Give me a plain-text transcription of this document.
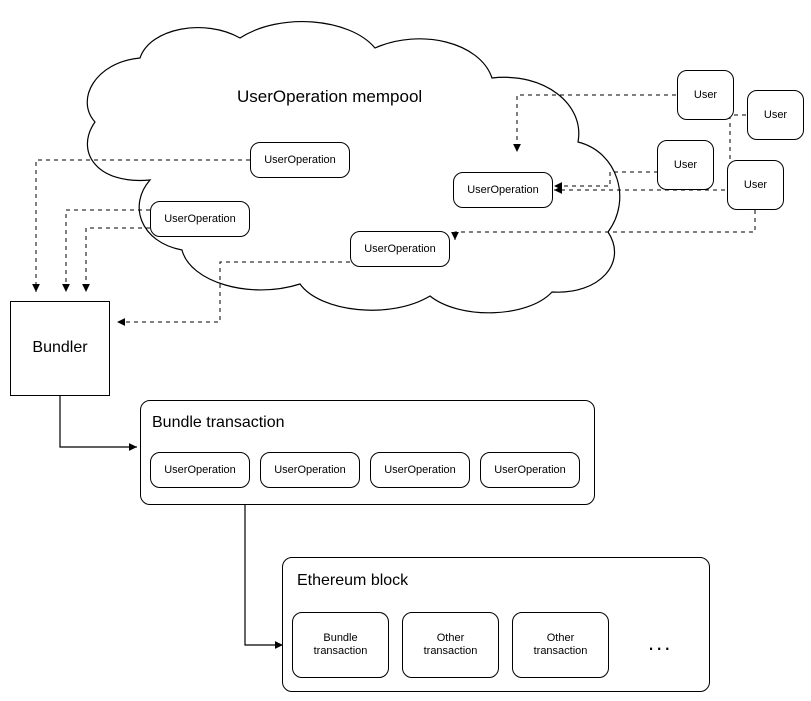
UserOperation mempool
UserOperation
UserOperation
UserOperation
UserOperation
User
User
User
User
Bundler
Bundle transaction
UserOperation	UserOperation	UserOperation	UserOperation
Ethereum block
Bundle
transaction
Other
transaction
Other
transaction	...
